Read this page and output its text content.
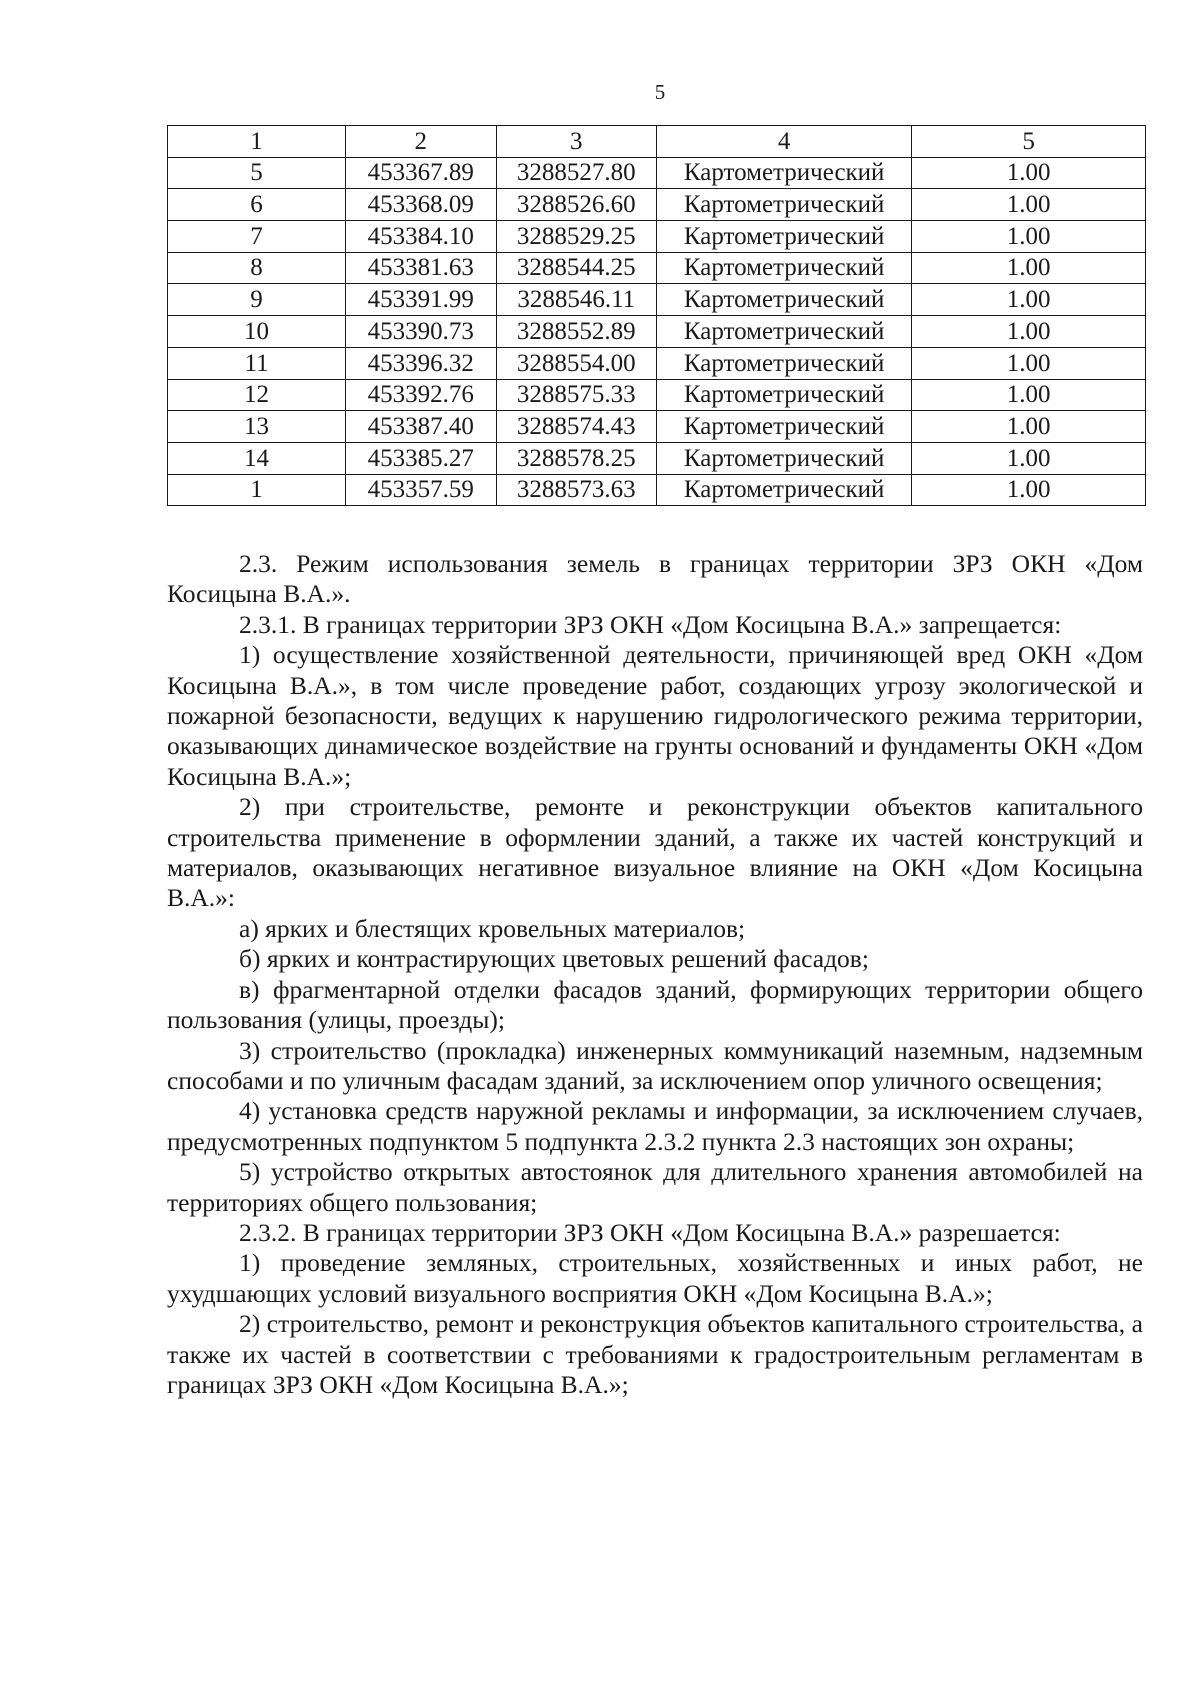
5
1	2	3	4	5
5	453367.89	3288527.80	Картометрический	1.00
6	453368.09	3288526.60	Картометрический	1.00
7	453384.10	3288529.25	Картометрический	1.00
8	453381.63	3288544.25	Картометрический	1.00
9	453391.99	3288546.11	Картометрический	1.00
10	453390.73	3288552.89	Картометрический	1.00
11	453396.32	3288554.00	Картометрический	1.00
12	453392.76	3288575.33	Картометрический	1.00
13	453387.40	3288574.43	Картометрический	1.00
14	453385.27	3288578.25	Картометрический	1.00
1	453357.59	3288573.63	Картометрический	1.00

2.3. Режим использования земель в границах территории ЗРЗ ОКН «Дом Косицына В.А.».

2.3.1. В границах территории ЗРЗ ОКН «Дом Косицына В.А.» запрещается:

1) осуществление хозяйственной деятельности, причиняющей вред ОКН «Дом Косицына В.А.», в том числе проведение работ, создающих угрозу экологической и пожарной безопасности, ведущих к нарушению гидрологического режима территории, оказывающих динамическое воздействие на грунты оснований и фундаменты ОКН «Дом Косицына В.А.»;

2) при строительстве, ремонте и реконструкции объектов капитального строительства применение в оформлении зданий, а также их частей конструкций и материалов, оказывающих негативное визуальное влияние на ОКН «Дом Косицына В.А.»:

а) ярких и блестящих кровельных материалов;

б) ярких и контрастирующих цветовых решений фасадов;

в) фрагментарной отделки фасадов зданий, формирующих территории общего пользования (улицы, проезды);

3) строительство (прокладка) инженерных коммуникаций наземным, надземным способами и по уличным фасадам зданий, за исключением опор уличного освещения;

4) установка средств наружной рекламы и информации, за исключением случаев, предусмотренных подпунктом 5 подпункта 2.3.2 пункта 2.3 настоящих зон охраны;

5) устройство открытых автостоянок для длительного хранения автомобилей на территориях общего пользования;

2.3.2. В границах территории ЗРЗ ОКН «Дом Косицына В.А.» разрешается:

1) проведение земляных, строительных, хозяйственных и иных работ, не ухудшающих условий визуального восприятия ОКН «Дом Косицына В.А.»;

2) строительство, ремонт и реконструкция объектов капитального строительства, а также их частей в соответствии с требованиями к градостроительным регламентам в границах ЗРЗ ОКН «Дом Косицына В.А.»;
